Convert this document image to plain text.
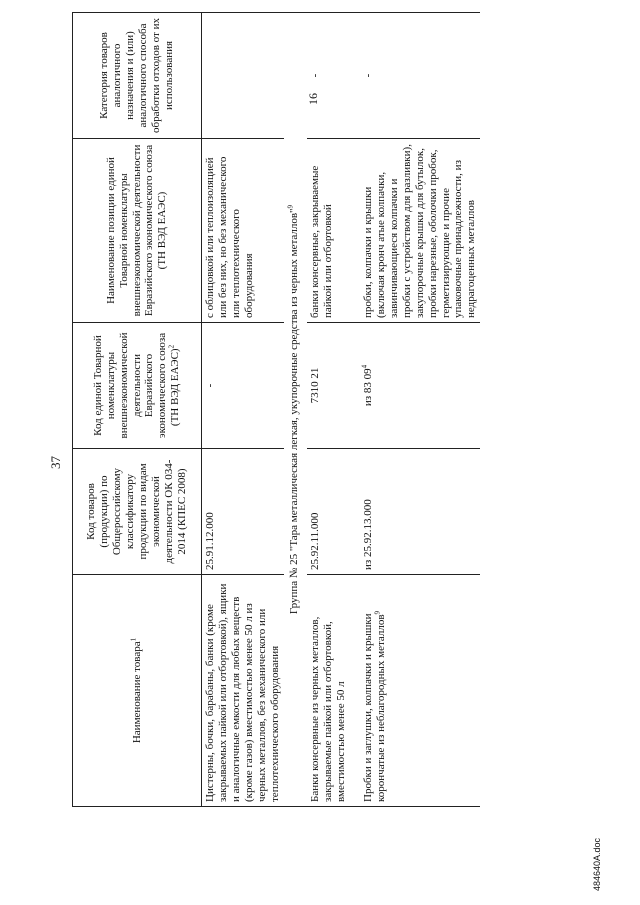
37
Наименование товара$^1$	Код товаров (продукции) по Общероссийскому классификатору продукции по видам экономической деятельности ОК 034-2014 (КПЕС 2008)	Код единой Товарной номенклатуры внешнеэкономической деятельности Евразийского экономического союза (ТН ВЭД ЕАЭС)$^2$	Наименование позиции единой Товарной номенклатуры внешнеэкономической деятельности Евразийского экономического союза (ТН ВЭД ЕАЭС)	Категория товаров аналогичного назначения и (или) аналогичного способа обработки отходов от их использования
Цистерны, бочки, барабаны, банки (кроме закрываемых пайкой или отбортовкой), ящики и аналогичные емкости для любых веществ (кроме газов) вместимостью менее 50 л из черных металлов, без механического или теплотехнического оборудования	25.91.12.000	-	с облицовкой или теплоизоляцией или без них, но без механического или теплотехнического оборудования	
Группа № 25 "Тара металлическая легкая, укупорочные средства из черных металлов"$^9$
Банки консервные из черных металлов, закрываемые пайкой или отбортовкой, вместимостью менее 50 л	25.92.11.000	7310 21	банки консервные, закрываемые пайкой или отбортовкой	-
Пробки и заглушки, колпачки и крышки корончатые из неблагородных металлов$^9$	из 25.92.13.000	из 83 $09^4$	пробки, колпачки и крышки (включая кронч атые колпачки, завинчивающиеся колпачки и пробки с устройством для разливки), закупорочные крышки для бутылок, пробки нарезные, оболочки пробок, герметизирующие и прочие упаковочные принадлежности, из недрагоценных металлов	-
16
484640А.doc
